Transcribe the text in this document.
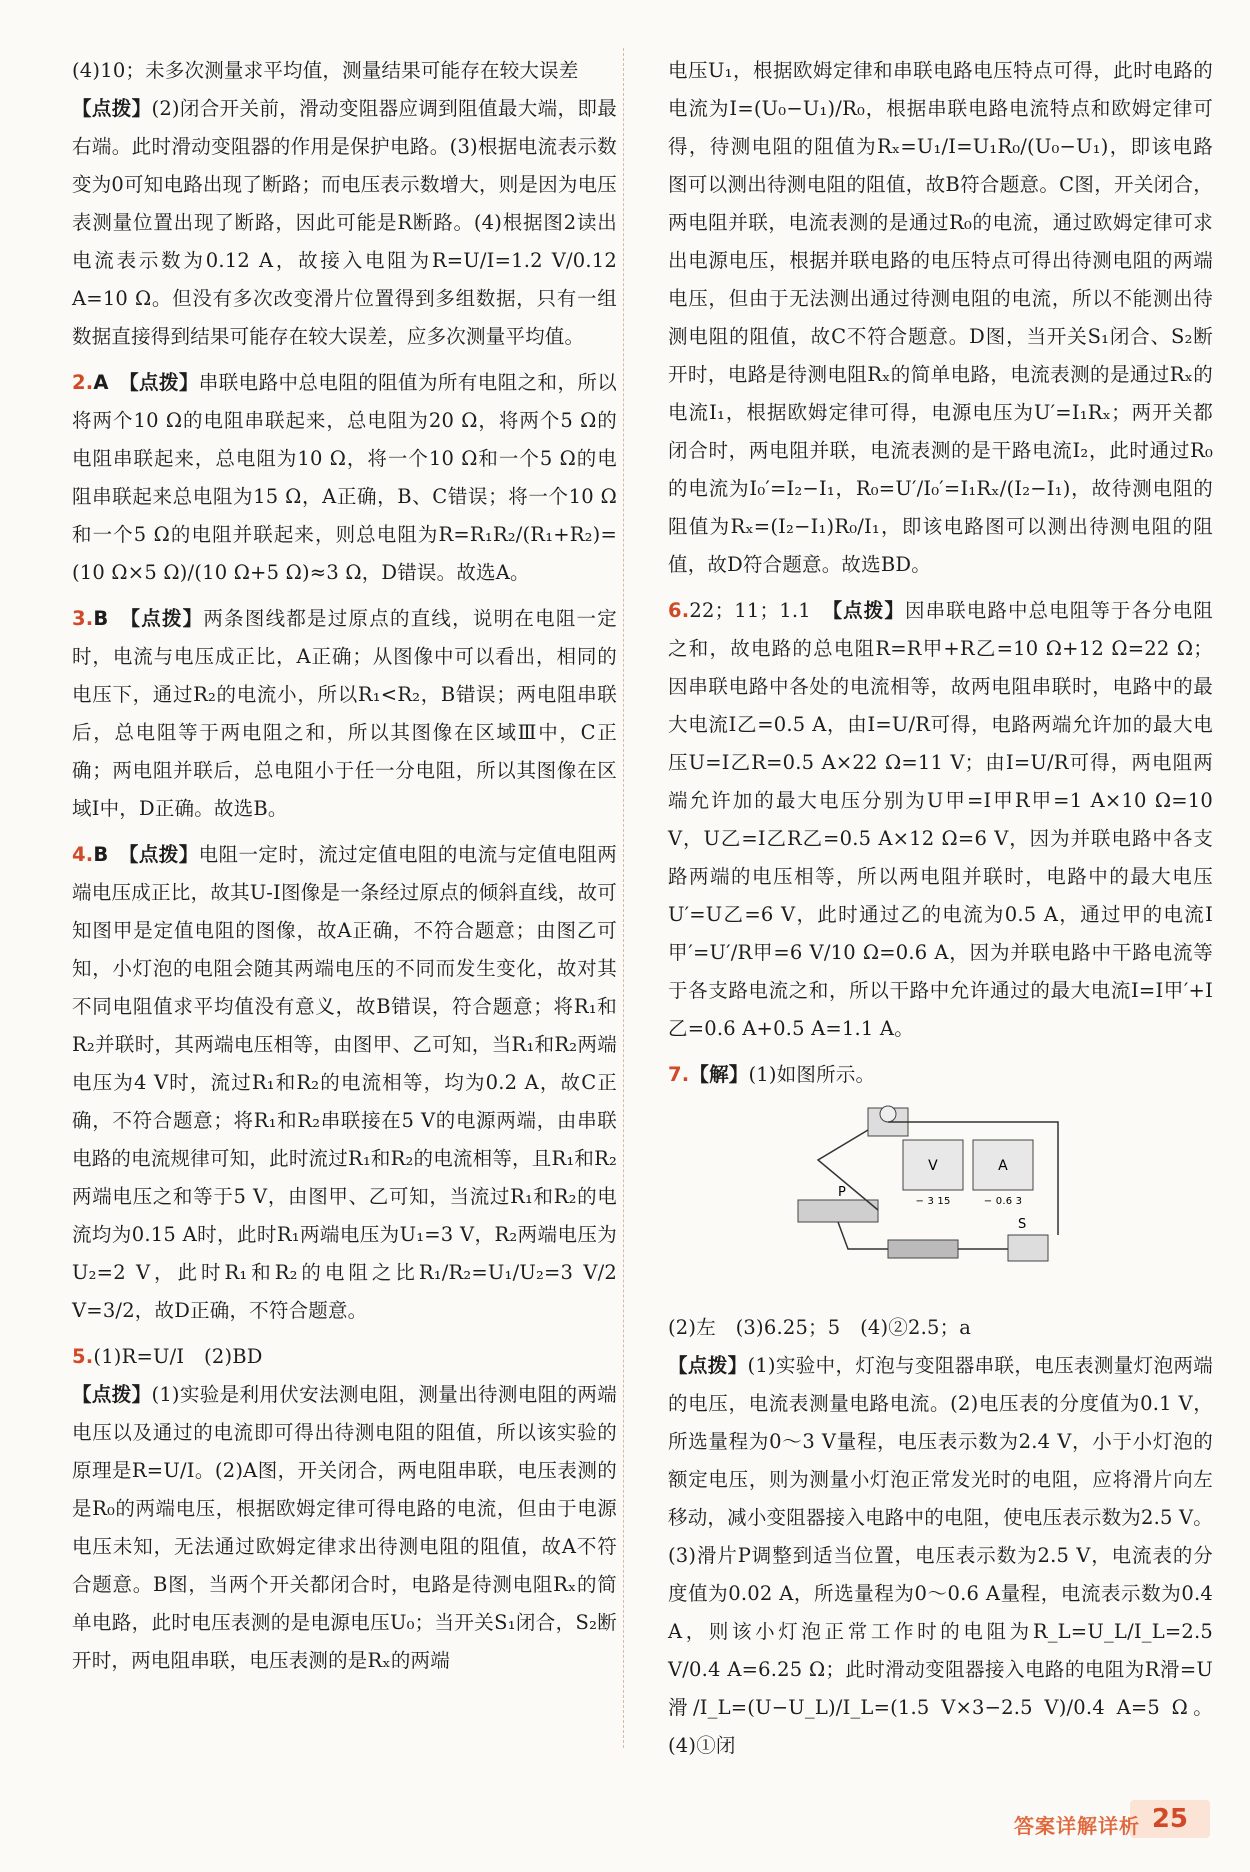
(4)10；未多次测量求平均值，测量结果可能存在较大误差

【点拨】(2)闭合开关前，滑动变阻器应调到阻值最大端，即最右端。此时滑动变阻器的作用是保护电路。(3)根据电流表示数变为0可知电路出现了断路；而电压表示数增大，则是因为电压表测量位置出现了断路，因此可能是R断路。(4)根据图2读出电流表示数为0.12 A，故接入电阻为R=U/I=1.2 V/0.12 A=10 Ω。但没有多次改变滑片位置得到多组数据，只有一组数据直接得到结果可能存在较大误差，应多次测量平均值。

2.A　 【点拨】串联电路中总电阻的阻值为所有电阻之和，所以将两个10 Ω的电阻串联起来，总电阻为20 Ω，将两个5 Ω的电阻串联起来，总电阻为10 Ω，将一个10 Ω和一个5 Ω的电阻串联起来总电阻为15 Ω，A正确，B、C错误；将一个10 Ω和一个5 Ω的电阻并联起来，则总电阻为R=R₁R₂/(R₁+R₂)=(10 Ω×5 Ω)/(10 Ω+5 Ω)≈3 Ω，D错误。故选A。

3.B　 【点拨】两条图线都是过原点的直线，说明在电阻一定时，电流与电压成正比，A正确；从图像中可以看出，相同的电压下，通过R₂的电流小，所以R₁<R₂，B错误；两电阻串联后，总电阻等于两电阻之和，所以其图像在区域Ⅲ中，C正确；两电阻并联后，总电阻小于任一分电阻，所以其图像在区域Ⅰ中，D正确。故选B。

4.B　 【点拨】电阻一定时，流过定值电阻的电流与定值电阻两端电压成正比，故其U-I图像是一条经过原点的倾斜直线，故可知图甲是定值电阻的图像，故A正确，不符合题意；由图乙可知，小灯泡的电阻会随其两端电压的不同而发生变化，故对其不同电阻值求平均值没有意义，故B错误，符合题意；将R₁和R₂并联时，其两端电压相等，由图甲、乙可知，当R₁和R₂两端电压为4 V时，流过R₁和R₂的电流相等，均为0.2 A，故C正确，不符合题意；将R₁和R₂串联接在5 V的电源两端，由串联电路的电流规律可知，此时流过R₁和R₂的电流相等，且R₁和R₂两端电压之和等于5 V，由图甲、乙可知，当流过R₁和R₂的电流均为0.15 A时，此时R₁两端电压为U₁=3 V，R₂两端电压为U₂=2 V，此时R₁和R₂的电阻之比R₁/R₂=U₁/U₂=3 V/2 V=3/2，故D正确，不符合题意。

5.(1)R=U/I　(2)BD

【点拨】(1)实验是利用伏安法测电阻，测量出待测电阻的两端电压以及通过的电流即可得出待测电阻的阻值，所以该实验的原理是R=U/I。(2)A图，开关闭合，两电阻串联，电压表测的是R₀的两端电压，根据欧姆定律可得电路的电流，但由于电源电压未知，无法通过欧姆定律求出待测电阻的阻值，故A不符合题意。B图，当两个开关都闭合时，电路是待测电阻Rₓ的简单电路，此时电压表测的是电源电压U₀；当开关S₁闭合，S₂断开时，两电阻串联，电压表测的是Rₓ的两端

电压U₁，根据欧姆定律和串联电路电压特点可得，此时电路的电流为I=(U₀−U₁)/R₀，根据串联电路电流特点和欧姆定律可得，待测电阻的阻值为Rₓ=U₁/I=U₁R₀/(U₀−U₁)，即该电路图可以测出待测电阻的阻值，故B符合题意。C图，开关闭合，两电阻并联，电流表测的是通过R₀的电流，通过欧姆定律可求出电源电压，根据并联电路的电压特点可得出待测电阻的两端电压，但由于无法测出通过待测电阻的电流，所以不能测出待测电阻的阻值，故C不符合题意。D图，当开关S₁闭合、S₂断开时，电路是待测电阻Rₓ的简单电路，电流表测的是通过Rₓ的电流I₁，根据欧姆定律可得，电源电压为U′=I₁Rₓ；两开关都闭合时，两电阻并联，电流表测的是干路电流I₂，此时通过R₀的电流为I₀′=I₂−I₁，R₀=U′/I₀′=I₁Rₓ/(I₂−I₁)，故待测电阻的阻值为Rₓ=(I₂−I₁)R₀/I₁，即该电路图可以测出待测电阻的阻值，故D符合题意。故选BD。

6.22；11；1.1　 【点拨】因串联电路中总电阻等于各分电阻之和，故电路的总电阻R=R甲+R乙=10 Ω+12 Ω=22 Ω；因串联电路中各处的电流相等，故两电阻串联时，电路中的最大电流I乙=0.5 A，由I=U/R可得，电路两端允许加的最大电压U=I乙R=0.5 A×22 Ω=11 V；由I=U/R可得，两电阻两端允许加的最大电压分别为U甲=I甲R甲=1 A×10 Ω=10 V，U乙=I乙R乙=0.5 A×12 Ω=6 V，因为并联电路中各支路两端的电压相等，所以两电阻并联时，电路中的最大电压U′=U乙=6 V，此时通过乙的电流为0.5 A，通过甲的电流I甲′=U′/R甲=6 V/10 Ω=0.6 A，因为并联电路中干路电流等于各支路电流之和，所以干路中允许通过的最大电流I=I甲′+I乙=0.6 A+0.5 A=1.1 A。

7.【解】(1)如图所示。

V
− 3 15
A
− 0.6 3
P
S

(2)左　(3)6.25；5　(4)②2.5；a

【点拨】(1)实验中，灯泡与变阻器串联，电压表测量灯泡两端的电压，电流表测量电路电流。(2)电压表的分度值为0.1 V，所选量程为0～3 V量程，电压表示数为2.4 V，小于小灯泡的额定电压，则为测量小灯泡正常发光时的电阻，应将滑片向左移动，减小变阻器接入电路中的电阻，使电压表示数为2.5 V。(3)滑片P调整到适当位置，电压表示数为2.5 V，电流表的分度值为0.02 A，所选量程为0～0.6 A量程，电流表示数为0.4 A，则该小灯泡正常工作时的电阻为R_L=U_L/I_L=2.5 V/0.4 A=6.25 Ω；此时滑动变阻器接入电路的电阻为R滑=U滑/I_L=(U−U_L)/I_L=(1.5 V×3−2.5 V)/0.4 A=5 Ω。(4)①闭

答案详解详析 25
